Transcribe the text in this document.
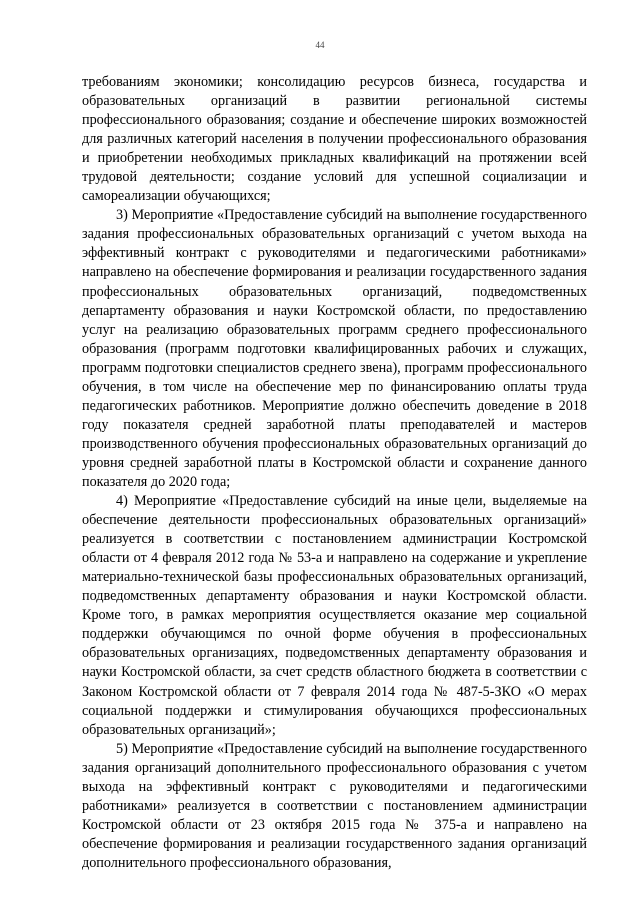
44

требованиям экономики; консолидацию ресурсов бизнеса, государства и образовательных организаций в развитии региональной системы профессионального образования; создание и обеспечение широких возможностей для различных категорий населения в получении профессионального образования и приобретении необходимых прикладных квалификаций на протяжении всей трудовой деятельности; создание условий для успешной социализации и самореализации обучающихся;

3) Мероприятие «Предоставление субсидий на выполнение государственного задания профессиональных образовательных организаций с учетом выхода на эффективный контракт с руководителями и педагогическими работниками» направлено на обеспечение формирования и реализации государственного задания профессиональных образовательных организаций, подведомственных департаменту образования и науки Костромской области, по предоставлению услуг на реализацию образовательных программ среднего профессионального образования (программ подготовки квалифицированных рабочих и служащих, программ подготовки специалистов среднего звена), программ профессионального обучения, в том числе на обеспечение мер по финансированию оплаты труда педагогических работников. Мероприятие должно обеспечить доведение в 2018 году показателя средней заработной платы преподавателей и мастеров производственного обучения профессиональных образовательных организаций до уровня средней заработной платы в Костромской области и сохранение данного показателя до 2020 года;

4) Мероприятие «Предоставление субсидий на иные цели, выделяемые на обеспечение деятельности профессиональных образовательных организаций» реализуется в соответствии с постановлением администрации Костромской области от 4 февраля 2012 года № 53-а и направлено на содержание и укрепление материально-технической базы профессиональных образовательных организаций, подведомственных департаменту образования и науки Костромской области. Кроме того, в рамках мероприятия осуществляется оказание мер социальной поддержки обучающимся по очной форме обучения в профессиональных образовательных организациях, подведомственных департаменту образования и науки Костромской области, за счет средств областного бюджета в соответствии с Законом Костромской области от 7 февраля 2014 года № 487-5-ЗКО «О мерах социальной поддержки и стимулирования обучающихся профессиональных образовательных организаций»;

5) Мероприятие «Предоставление субсидий на выполнение государственного задания организаций дополнительного профессионального образования с учетом выхода на эффективный контракт с руководителями и педагогическими работниками» реализуется в соответствии с постановлением администрации Костромской области от 23 октября 2015 года № 375-а и направлено на обеспечение формирования и реализации государственного задания организаций дополнительного профессионального образования,
